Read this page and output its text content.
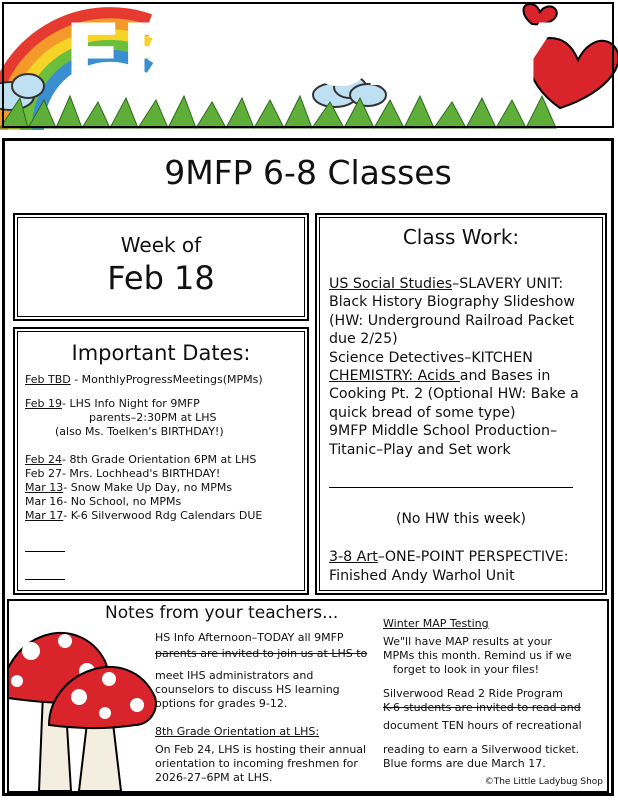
FEBRUARY
9MFP 6-8 Classes
Week of
Feb 18
Important Dates:
Feb TBD - MonthlyProgressMeetings(MPMs)
Feb 19- LHS Info Night for 9MFP
parents–2:30PM at LHS
(also Ms. Toelken's BIRTHDAY!)
Feb 24- 8th Grade Orientation 6PM at LHS
Feb 27- Mrs. Lochhead's BIRTHDAY!
Mar 13- Snow Make Up Day, no MPMs
Mar 16- No School, no MPMs
Mar 17- K-6 Silverwood Rdg Calendars DUE
Class Work:
US Social Studies–SLAVERY UNIT:
Black History Biography Slideshow
(HW: Underground Railroad Packet
due 2/25)
Science Detectives–KITCHEN
CHEMISTRY: Acids and Bases in
Cooking Pt. 2 (Optional HW: Bake a
quick bread of some type)
9MFP Middle School Production–
Titanic–Play and Set work
(No HW this week)
3-8 Art–ONE-POINT PERSPECTIVE:
Finished Andy Warhol Unit
Notes from your teachers...
HS Info Afternoon–TODAY all 9MFP
parents are invited to join us at LHS to
meet IHS administrators and
counselors to discuss HS learning
options for grades 9-12.
8th Grade Orientation at LHS:
On Feb 24, LHS is hosting their annual
orientation to incoming freshmen for
2026-27–6PM at LHS.
Winter MAP Testing
We"ll have MAP results at your
MPMs this month. Remind us if we
forget to look in your files!
Silverwood Read 2 Ride Program
K-6 students are invited to read and
document TEN hours of recreational
reading to earn a Silverwood ticket.
Blue forms are due March 17.
©The Little Ladybug Shop
